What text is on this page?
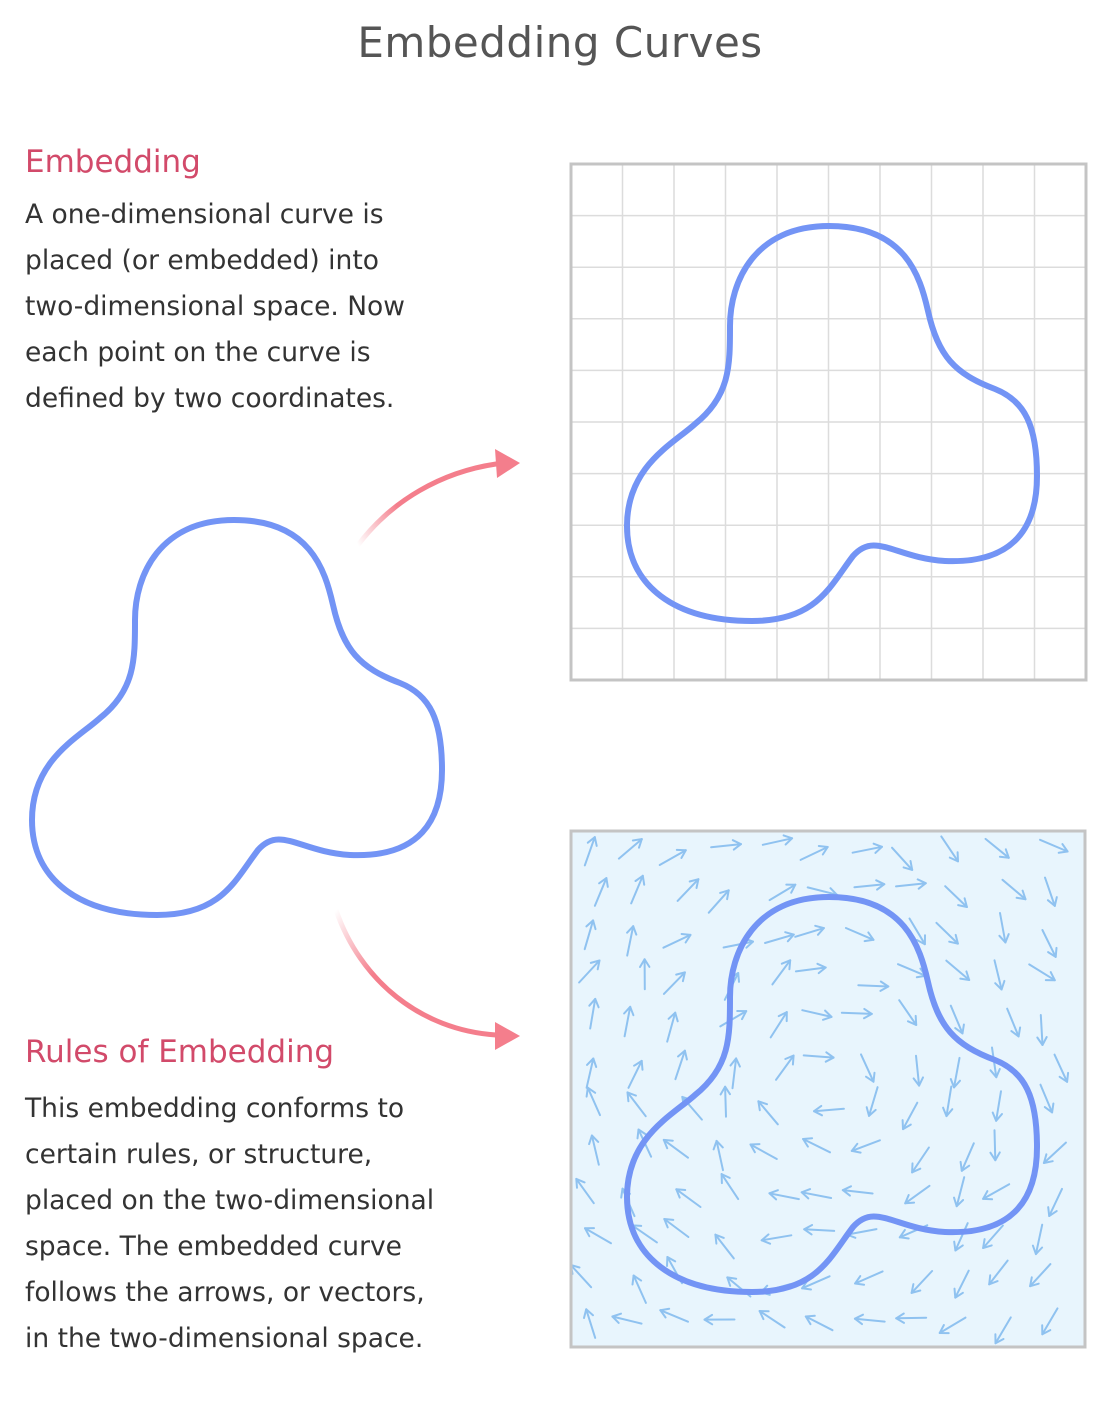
Embedding Curves
Embedding
A one-dimensional curve is
placed (or embedded) into
two-dimensional space. Now
each point on the curve is
defined by two coordinates.
Rules of Embedding
This embedding conforms to
certain rules, or structure,
placed on the two-dimensional
space. The embedded curve
follows the arrows, or vectors,
in the two-dimensional space.
